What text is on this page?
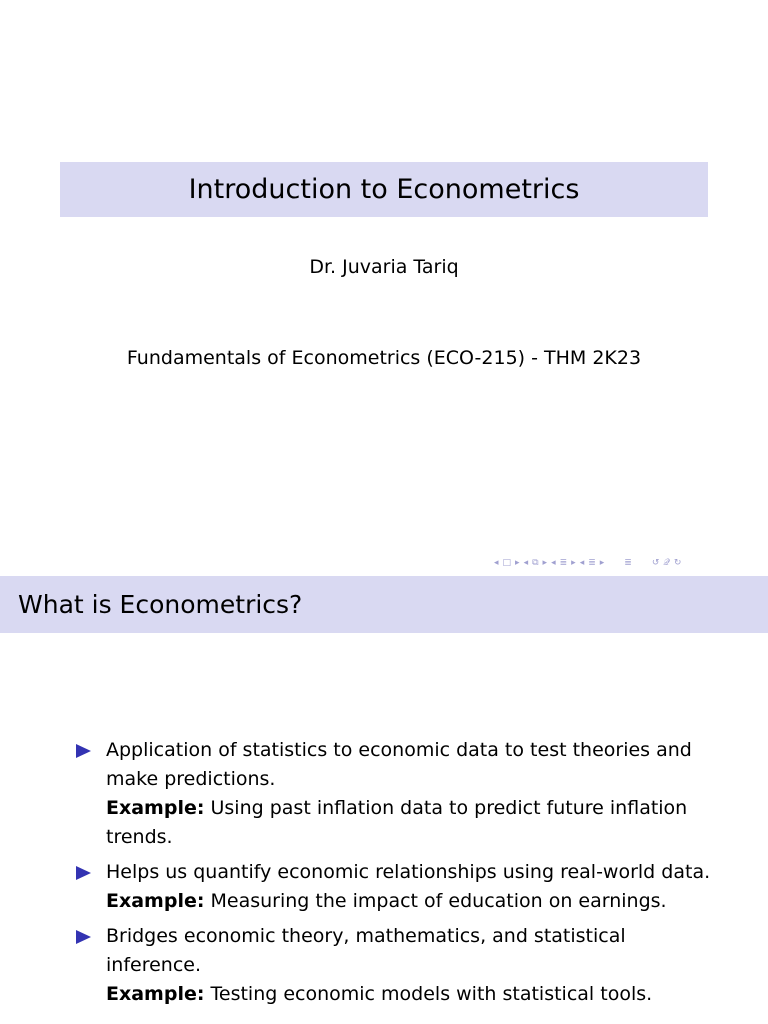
Introduction to Econometrics
Dr. Juvaria Tariq
Fundamentals of Econometrics (ECO-215) - THM 2K23
◂ □ ▸ ◂ ⧉ ▸ ◂ ≣ ▸ ◂ ≣ ▸ ≣ ↺ 𝒬 ↻
What is Econometrics?
Application of statistics to economic data to test theories and make predictions.
Example: Using past inflation data to predict future inflation trends.
Helps us quantify economic relationships using real-world data.
Example: Measuring the impact of education on earnings.
Bridges economic theory, mathematics, and statistical inference.
Example: Testing economic models with statistical tools.
